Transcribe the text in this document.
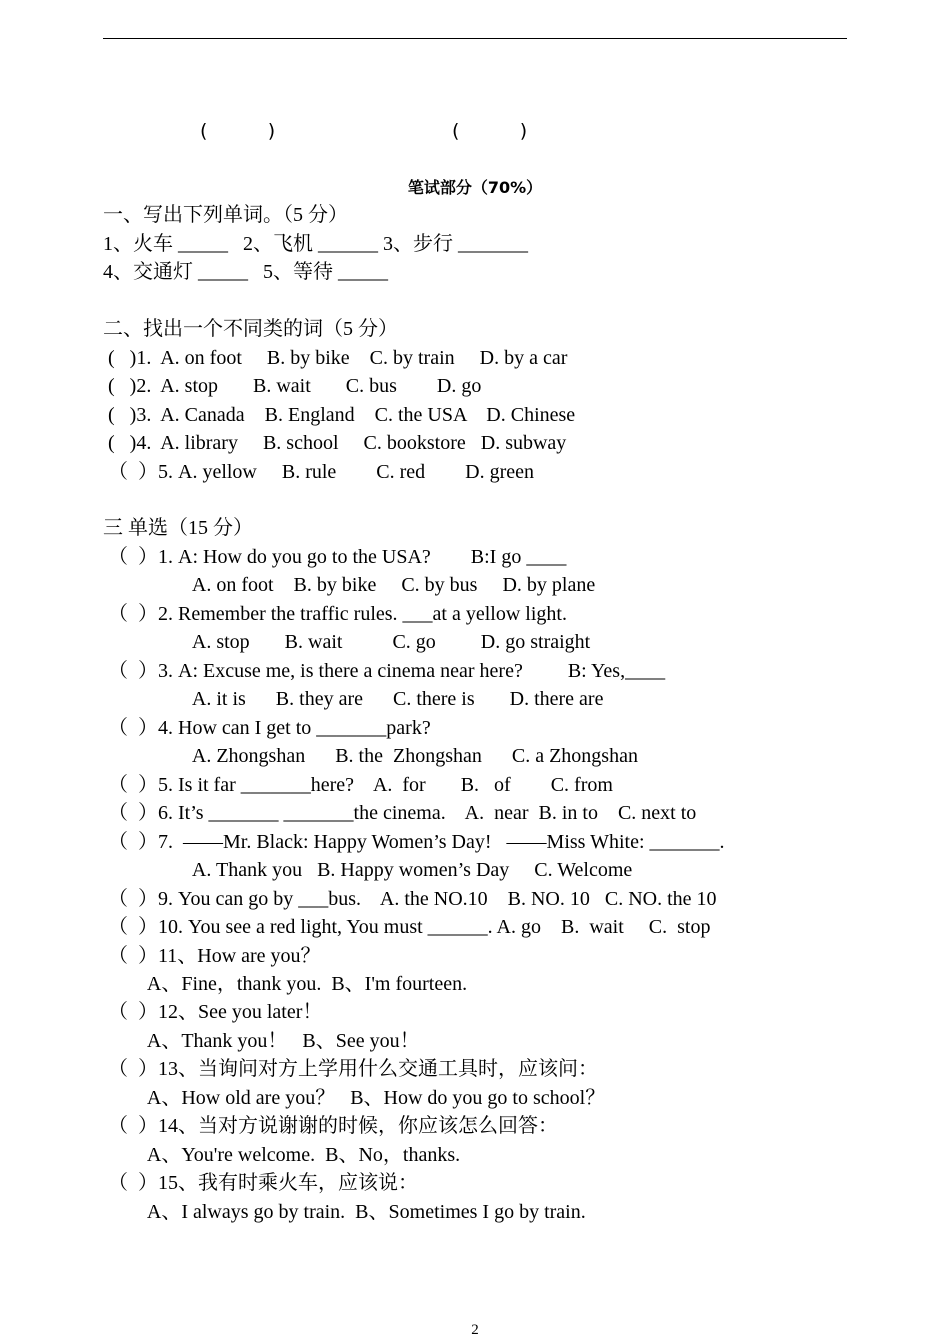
(          )	(          )
笔试部分（70%）

一、写出下列单词。（5 分）

1、火车 _____   2、飞机 ______ 3、步行 _______

4、交通灯 _____   5、等待 _____

二、找出一个不同类的词（5 分）

(   )1.  A. on foot     B. by bike    C. by train     D. by a car

(   )2.  A. stop       B. wait       C. bus        D. go

(   )3.  A. Canada    B. England    C. the USA    D. Chinese

(   )4.  A. library     B. school     C. bookstore   D. subway

（  ）5. A. yellow     B. rule        C. red        D. green

三 单选（15 分）

（  ）1. A: How do you go to the USA?        B:I go ____

A. on foot    B. by bike     C. by bus     D. by plane

（  ）2. Remember the traffic rules. ___at a yellow light.

A. stop       B. wait          C. go         D. go straight

（  ）3. A: Excuse me, is there a cinema near here?         B: Yes,____

A. it is      B. they are      C. there is       D. there are

（  ）4. How can I get to _______park?

A. Zhongshan      B. the  Zhongshan      C. a Zhongshan

（  ）5. Is it far _______here?    A.  for       B.   of        C. from

（  ）6. It’s _______ _______the cinema.    A.  near  B. in to    C. next to

（  ）7.  ——Mr. Black: Happy Women’s Day!   ——Miss White: _______.

A. Thank you   B. Happy women’s Day     C. Welcome

（  ）9. You can go by ___bus.    A. the NO.10    B. NO. 10   C. NO. the 10

（  ）10. You see a red light, You must ______. A. go    B.  wait     C.  stop

（  ）11、How are you？

A、Fine，thank you.  B、I'm fourteen.

（  ）12、See you later！

A、Thank you！   B、See you！

（  ）13、当询问对方上学用什么交通工具时，应该问：

A、How old are you？   B、How do you go to school？

（  ）14、当对方说谢谢的时候，你应该怎么回答：

A、You're welcome.  B、No，thanks.

（  ）15、我有时乘火车，应该说：

A、I always go by train.  B、Sometimes I go by train.

2
